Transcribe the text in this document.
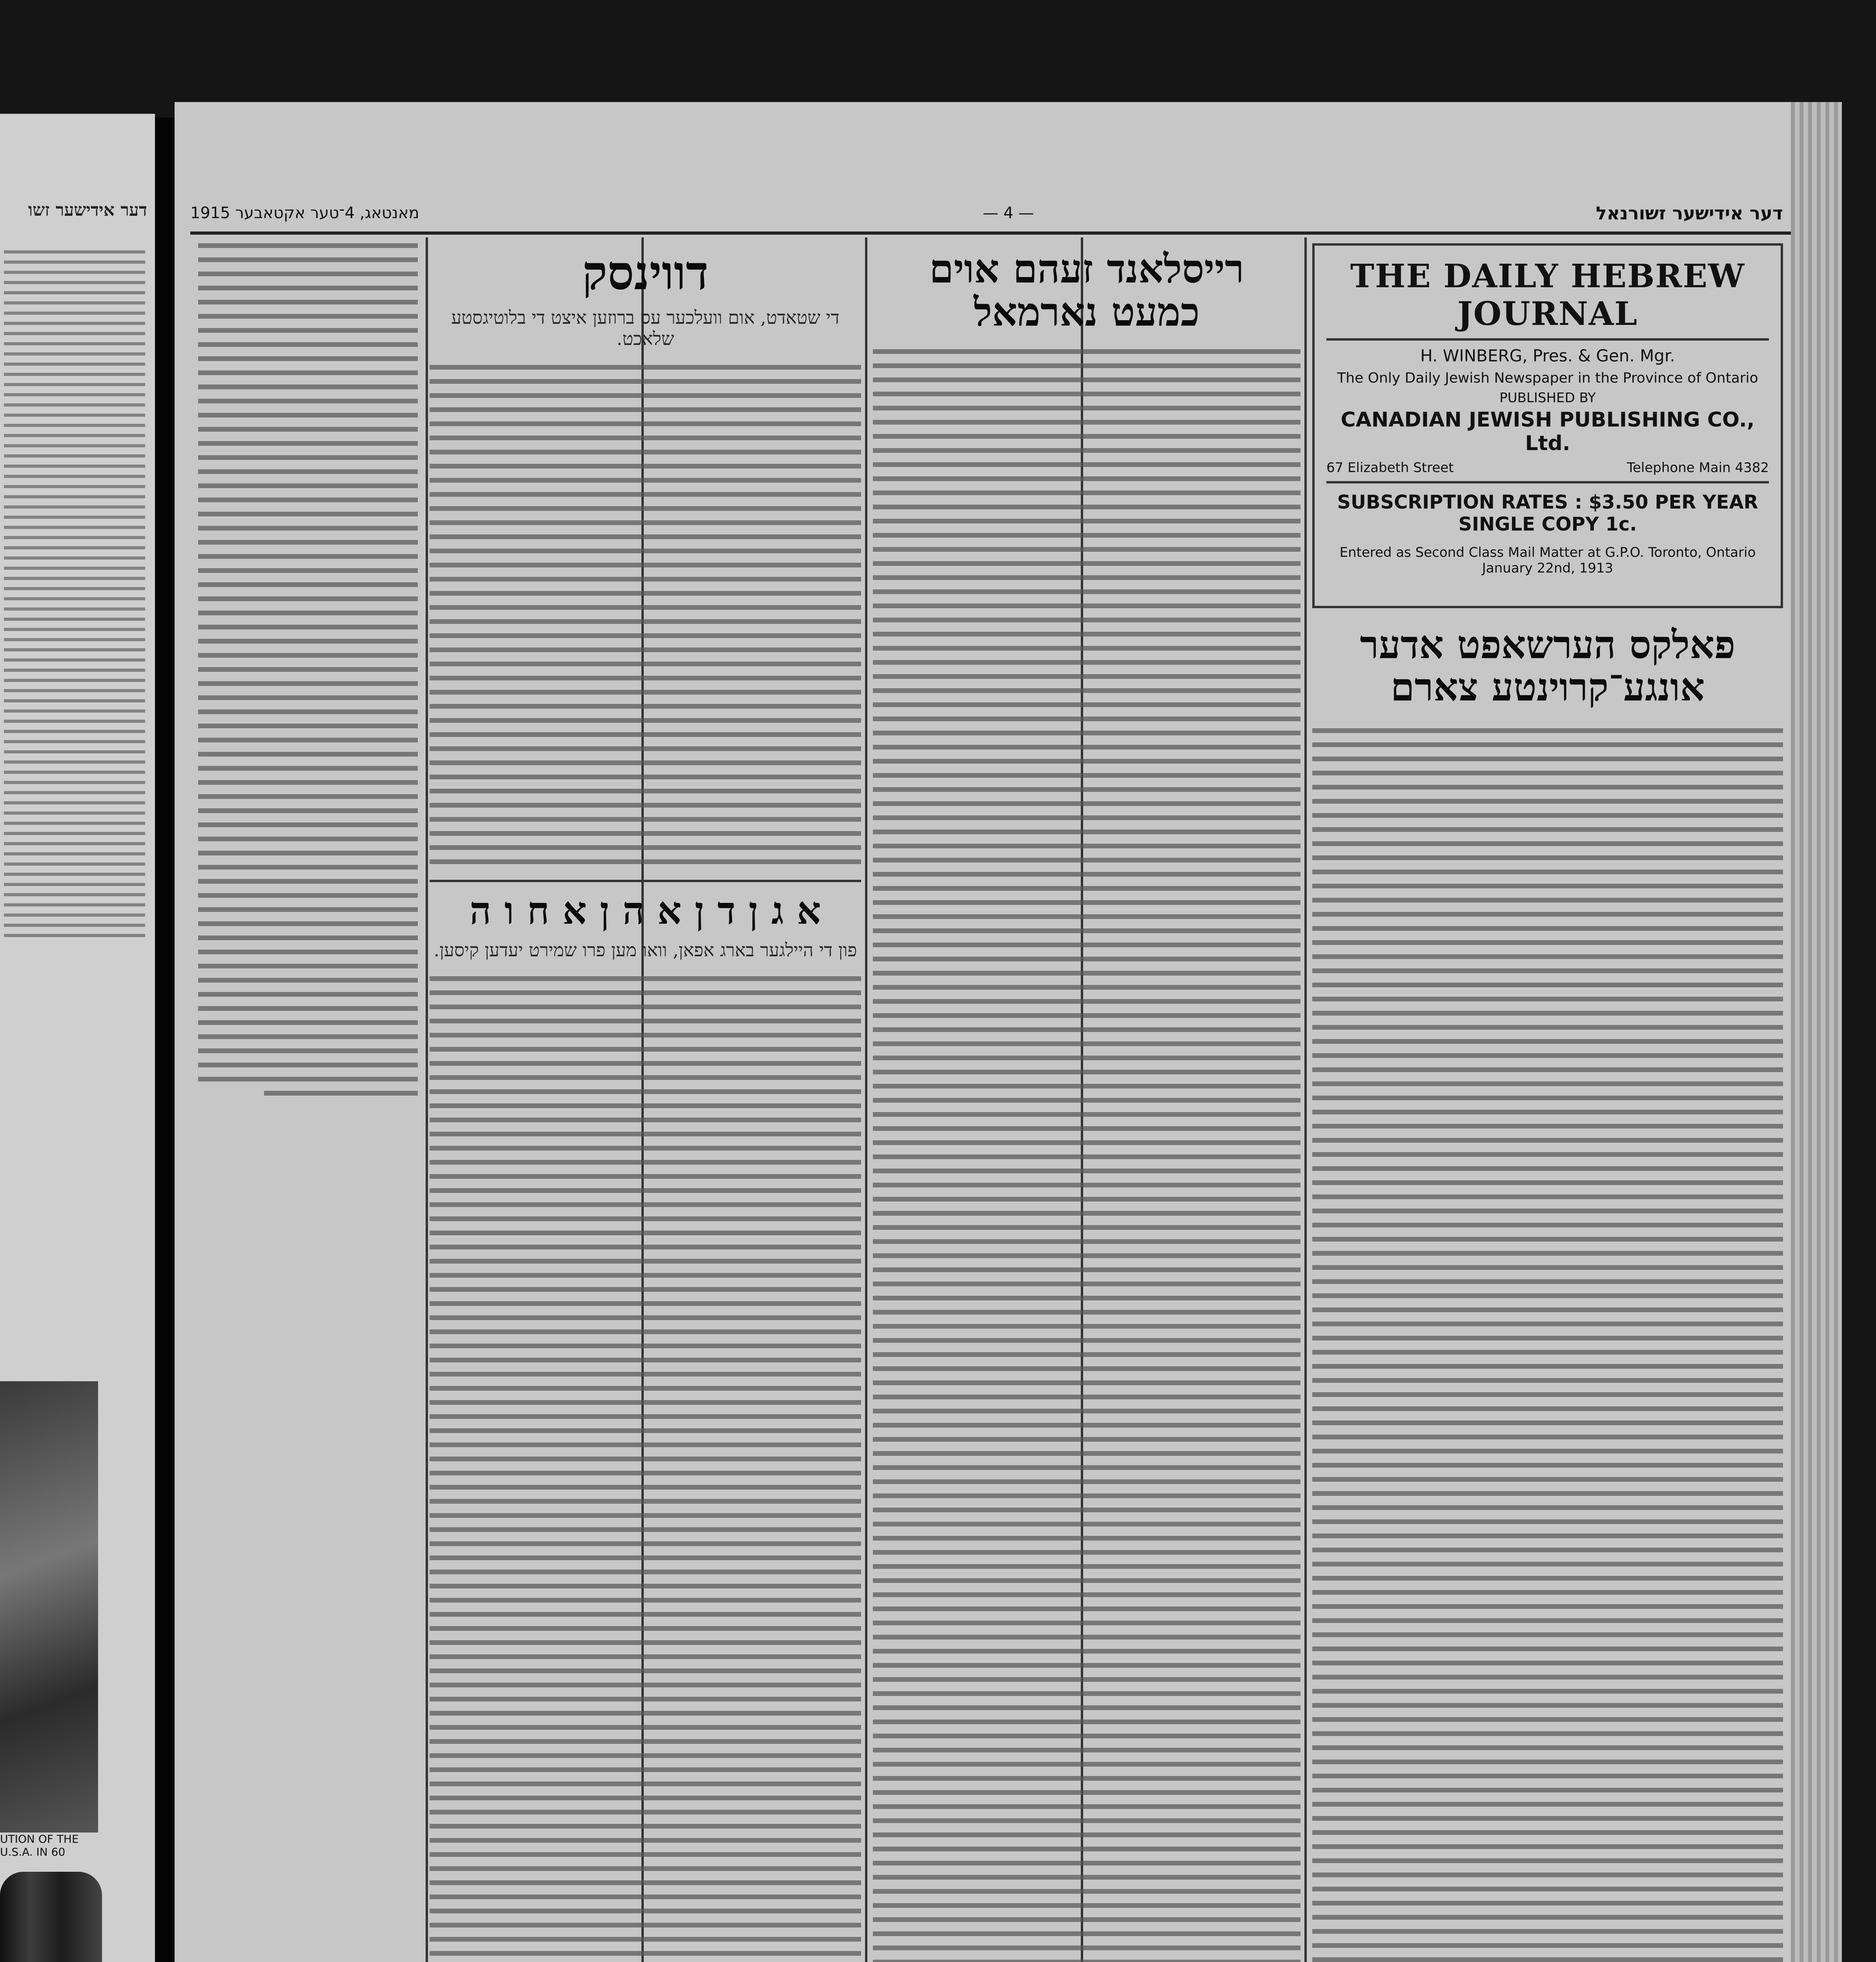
דער אידישער זשו
UTION OF THE U.S.A. IN 60
מאנטאג, 4־טער אקטאבער 1915	— 4 —	דער אידישער זשורנאל
דווינסק
די שטאדט, אום וועלכער עס ברוזען איצט די בלוטיגסטע שלאכט.
א ג ן ד ן א ה ן א ח ו ה
פון די היילגער בארג אפאן, וואו מען פרו שמירט יעדען קיסען.
רייסלאנד זעהם אוים
כמעט נארמאל
THE DAILY HEBREW JOURNAL
H. WINBERG, Pres. & Gen. Mgr.
The Only Daily Jewish Newspaper in the Province of Ontario
PUBLISHED BY
CANADIAN JEWISH PUBLISHING CO., Ltd.
67 Elizabeth Street	Telephone Main 4382
SUBSCRIPTION RATES : $3.50 PER YEAR
SINGLE COPY 1c.
Entered as Second Class Mail Matter at G.P.O. Toronto, Ontario
January 22nd, 1913
פאלקס הערשאפט אדער אונגע־קרוינטע צארם
